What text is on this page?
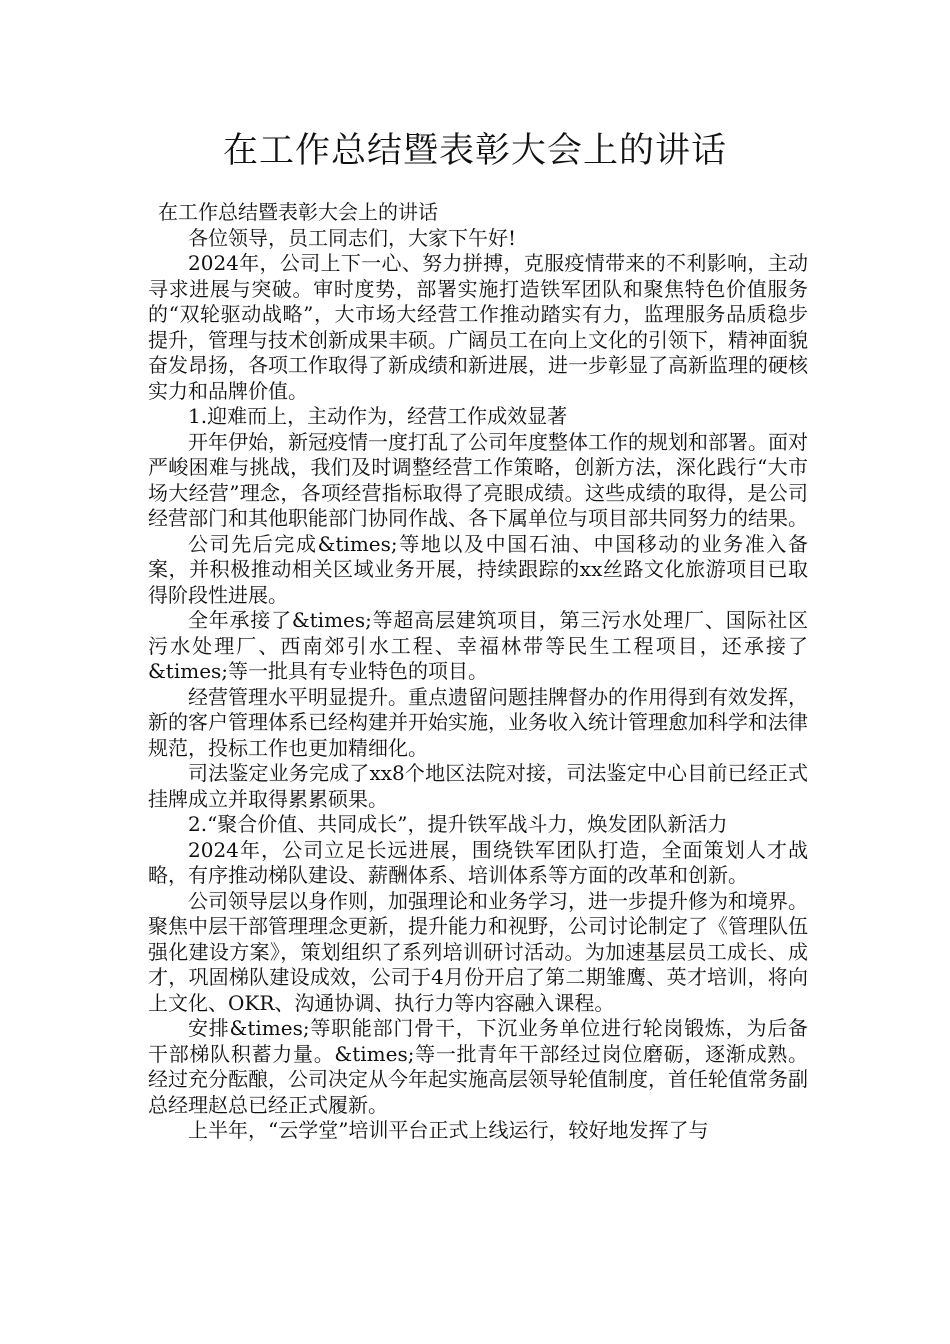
在工作总结暨表彰大会上的讲话

在工作总结暨表彰大会上的讲话

各位领导，员工同志们，大家下午好!

2024年，公司上下一心、努力拼搏，克服疫情带来的不利影响，主动寻求进展与突破。审时度势，部署实施打造铁军团队和聚焦特色价值服务的“双轮驱动战略”，大市场大经营工作推动踏实有力，监理服务品质稳步提升，管理与技术创新成果丰硕。广阔员工在向上文化的引领下，精神面貌奋发昂扬，各项工作取得了新成绩和新进展，进一步彰显了高新监理的硬核实力和品牌价值。

1.迎难而上，主动作为，经营工作成效显著

开年伊始，新冠疫情一度打乱了公司年度整体工作的规划和部署。面对严峻困难与挑战，我们及时调整经营工作策略，创新方法，深化践行“大市场大经营”理念，各项经营指标取得了亮眼成绩。这些成绩的取得，是公司经营部门和其他职能部门协同作战、各下属单位与项目部共同努力的结果。

公司先后完成&times;等地以及中国石油、中国移动的业务准入备案，并积极推动相关区域业务开展，持续跟踪的xx丝路文化旅游项目已取得阶段性进展。

全年承接了&times;等超高层建筑项目，第三污水处理厂、国际社区污水处理厂、西南郊引水工程、幸福林带等民生工程项目，还承接了&times;等一批具有专业特色的项目。

经营管理水平明显提升。重点遗留问题挂牌督办的作用得到有效发挥，新的客户管理体系已经构建并开始实施，业务收入统计管理愈加科学和法律规范，投标工作也更加精细化。

司法鉴定业务完成了xx8个地区法院对接，司法鉴定中心目前已经正式挂牌成立并取得累累硕果。

2.“聚合价值、共同成长”，提升铁军战斗力，焕发团队新活力

2024年，公司立足长远进展，围绕铁军团队打造，全面策划人才战略，有序推动梯队建设、薪酬体系、培训体系等方面的改革和创新。

公司领导层以身作则，加强理论和业务学习，进一步提升修为和境界。聚焦中层干部管理理念更新，提升能力和视野，公司讨论制定了《管理队伍强化建设方案》，策划组织了系列培训研讨活动。为加速基层员工成长、成才，巩固梯队建设成效，公司于4月份开启了第二期雏鹰、英才培训，将向上文化、OKR、沟通协调、执行力等内容融入课程。

安排&times;等职能部门骨干，下沉业务单位进行轮岗锻炼，为后备干部梯队积蓄力量。&times;等一批青年干部经过岗位磨砺，逐渐成熟。经过充分酝酿，公司决定从今年起实施高层领导轮值制度，首任轮值常务副总经理赵总已经正式履新。

上半年，“云学堂”培训平台正式上线运行，较好地发挥了与
